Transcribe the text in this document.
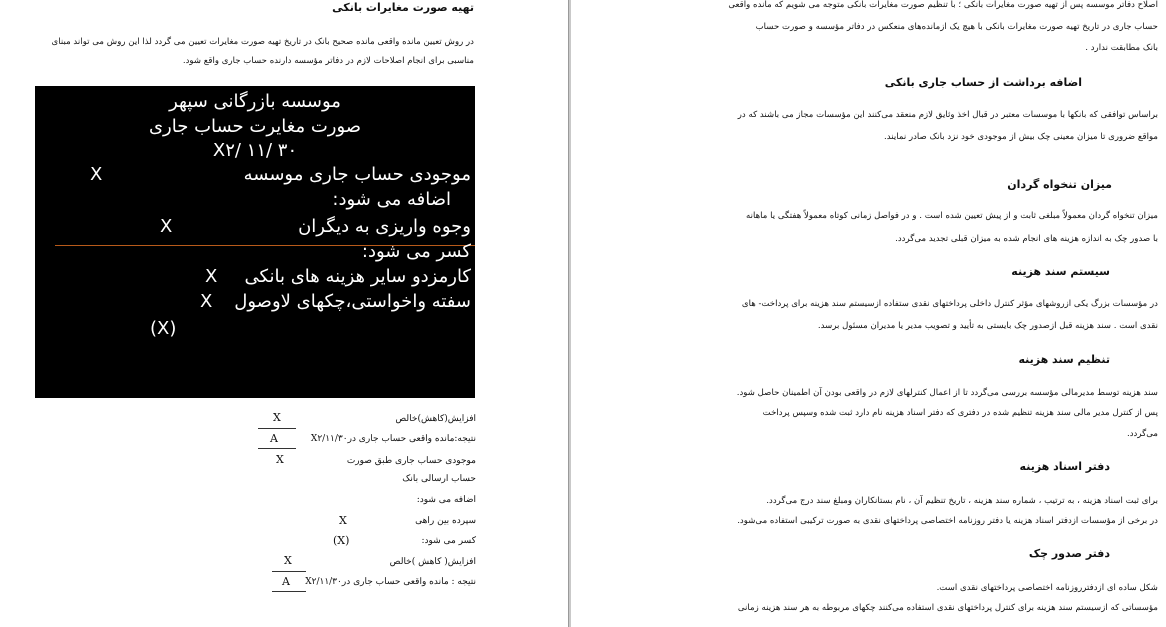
تهیه صورت مغایرات بانکی
در روش تعیین مانده واقعی مانده صحیح بانک در تاریخ تهیه صورت مغایرات تعیین می گردد لذا این روش می تواند مبنای
مناسبی برای انجام اصلاحات لازم در دفاتر مؤسسه دارنده حساب جاری واقع شود.
موسسه بازرگانی سپهر
صورت مغایرت حساب جاری
X۲/ ۱۱/ ۳۰
موجودی حساب جاری موسسه
X
اضافه می شود:
وجوه واریزی به دیگران
X
کسر می شود:
کارمزدو سایر هزینه های بانکی
X
سفته واخواستی،چکهای لاوصول
X
(X)
افزایش(کاهش)خالص
X
نتیجه:مانده واقعی حساب جاری در۱۱/۳۰/X۲
A
موجودی حساب جاری طبق صورت
X
حساب ارسالی بانک
اضافه می شود:
سپرده بین راهی
X
کسر می شود:
(X)
افزایش( کاهش )خالص
X
نتیجه : مانده واقعی حساب جاری در۱۱/۳۰/X۲
A
اصلاح دفاتر موسسه پس از تهیه صورت مغایرات بانکی ؛ با تنظیم صورت مغایرات بانکی متوجه می شویم که مانده واقعی
حساب جاری در تاریخ تهیه صورت مغایرات بانکی با هیچ یک ازمانده‌های منعکس در دفاتر مؤسسه و صورت حساب
بانک مطابقت ندارد .
اضافه برداشت از حساب جاری بانکی
براساس توافقی که بانکها با موسسات معتبر در قبال اخذ وثایق لازم منعقد می‌کنند این مؤسسات مجاز می باشند که در
مواقع ضروری تا میزان معینی چک بیش از موجودی خود نزد بانک صادر نمایند.
میزان تنخواه گردان
میزان تنخواه گردان معمولاً مبلغی ثابت و از پیش تعیین شده است . و در فواصل زمانی کوتاه معمولاً هفتگی یا ماهانه
با صدور چک به اندازه هزینه های انجام شده به میزان قبلی تجدید می‌گردد.
سیستم سند هزینه
در مؤسسات بزرگ یکی ازروشهای مؤثر کنترل داخلی پرداختهای نقدی ستفاده ازسیستم سند هزینه برای پرداخت- های
نقدی است . سند هزینه قبل ازصدور چک بایستی به تأیید و تصویب مدیر یا مدیران مسئول برسد.
تنظیم سند هزینه
سند هزینه توسط مدیرمالی مؤسسه بررسی می‌گردد تا از اعمال کنترلهای لازم در واقعی بودن آن اطمینان حاصل شود.
پس از کنترل مدیر مالی سند هزینه تنظیم شده در دفتری که دفتر اسناد هزینه نام دارد ثبت شده وسپس پرداخت
می‌گردد.
دفتر اسناد هزینه
برای ثبت اسناد هزینه ، به ترتیب ، شماره سند هزینه ، تاریخ تنظیم آن ، نام بستانکاران ومبلغ سند درج می‌گردد.
در برخی از مؤسسات ازدفتر اسناد هزینه یا دفتر روزنامه اختصاصی پرداختهای نقدی به صورت ترکیبی استفاده می‌شود.
دفتر صدور چک
شکل ساده ای ازدفترروزنامه اختصاصی پرداختهای نقدی است.
مؤسساتی که ازسیستم سند هزینه برای کنترل پرداختهای نقدی استفاده می‌کنند چکهای مربوطه به هر سند هزینه زمانی
